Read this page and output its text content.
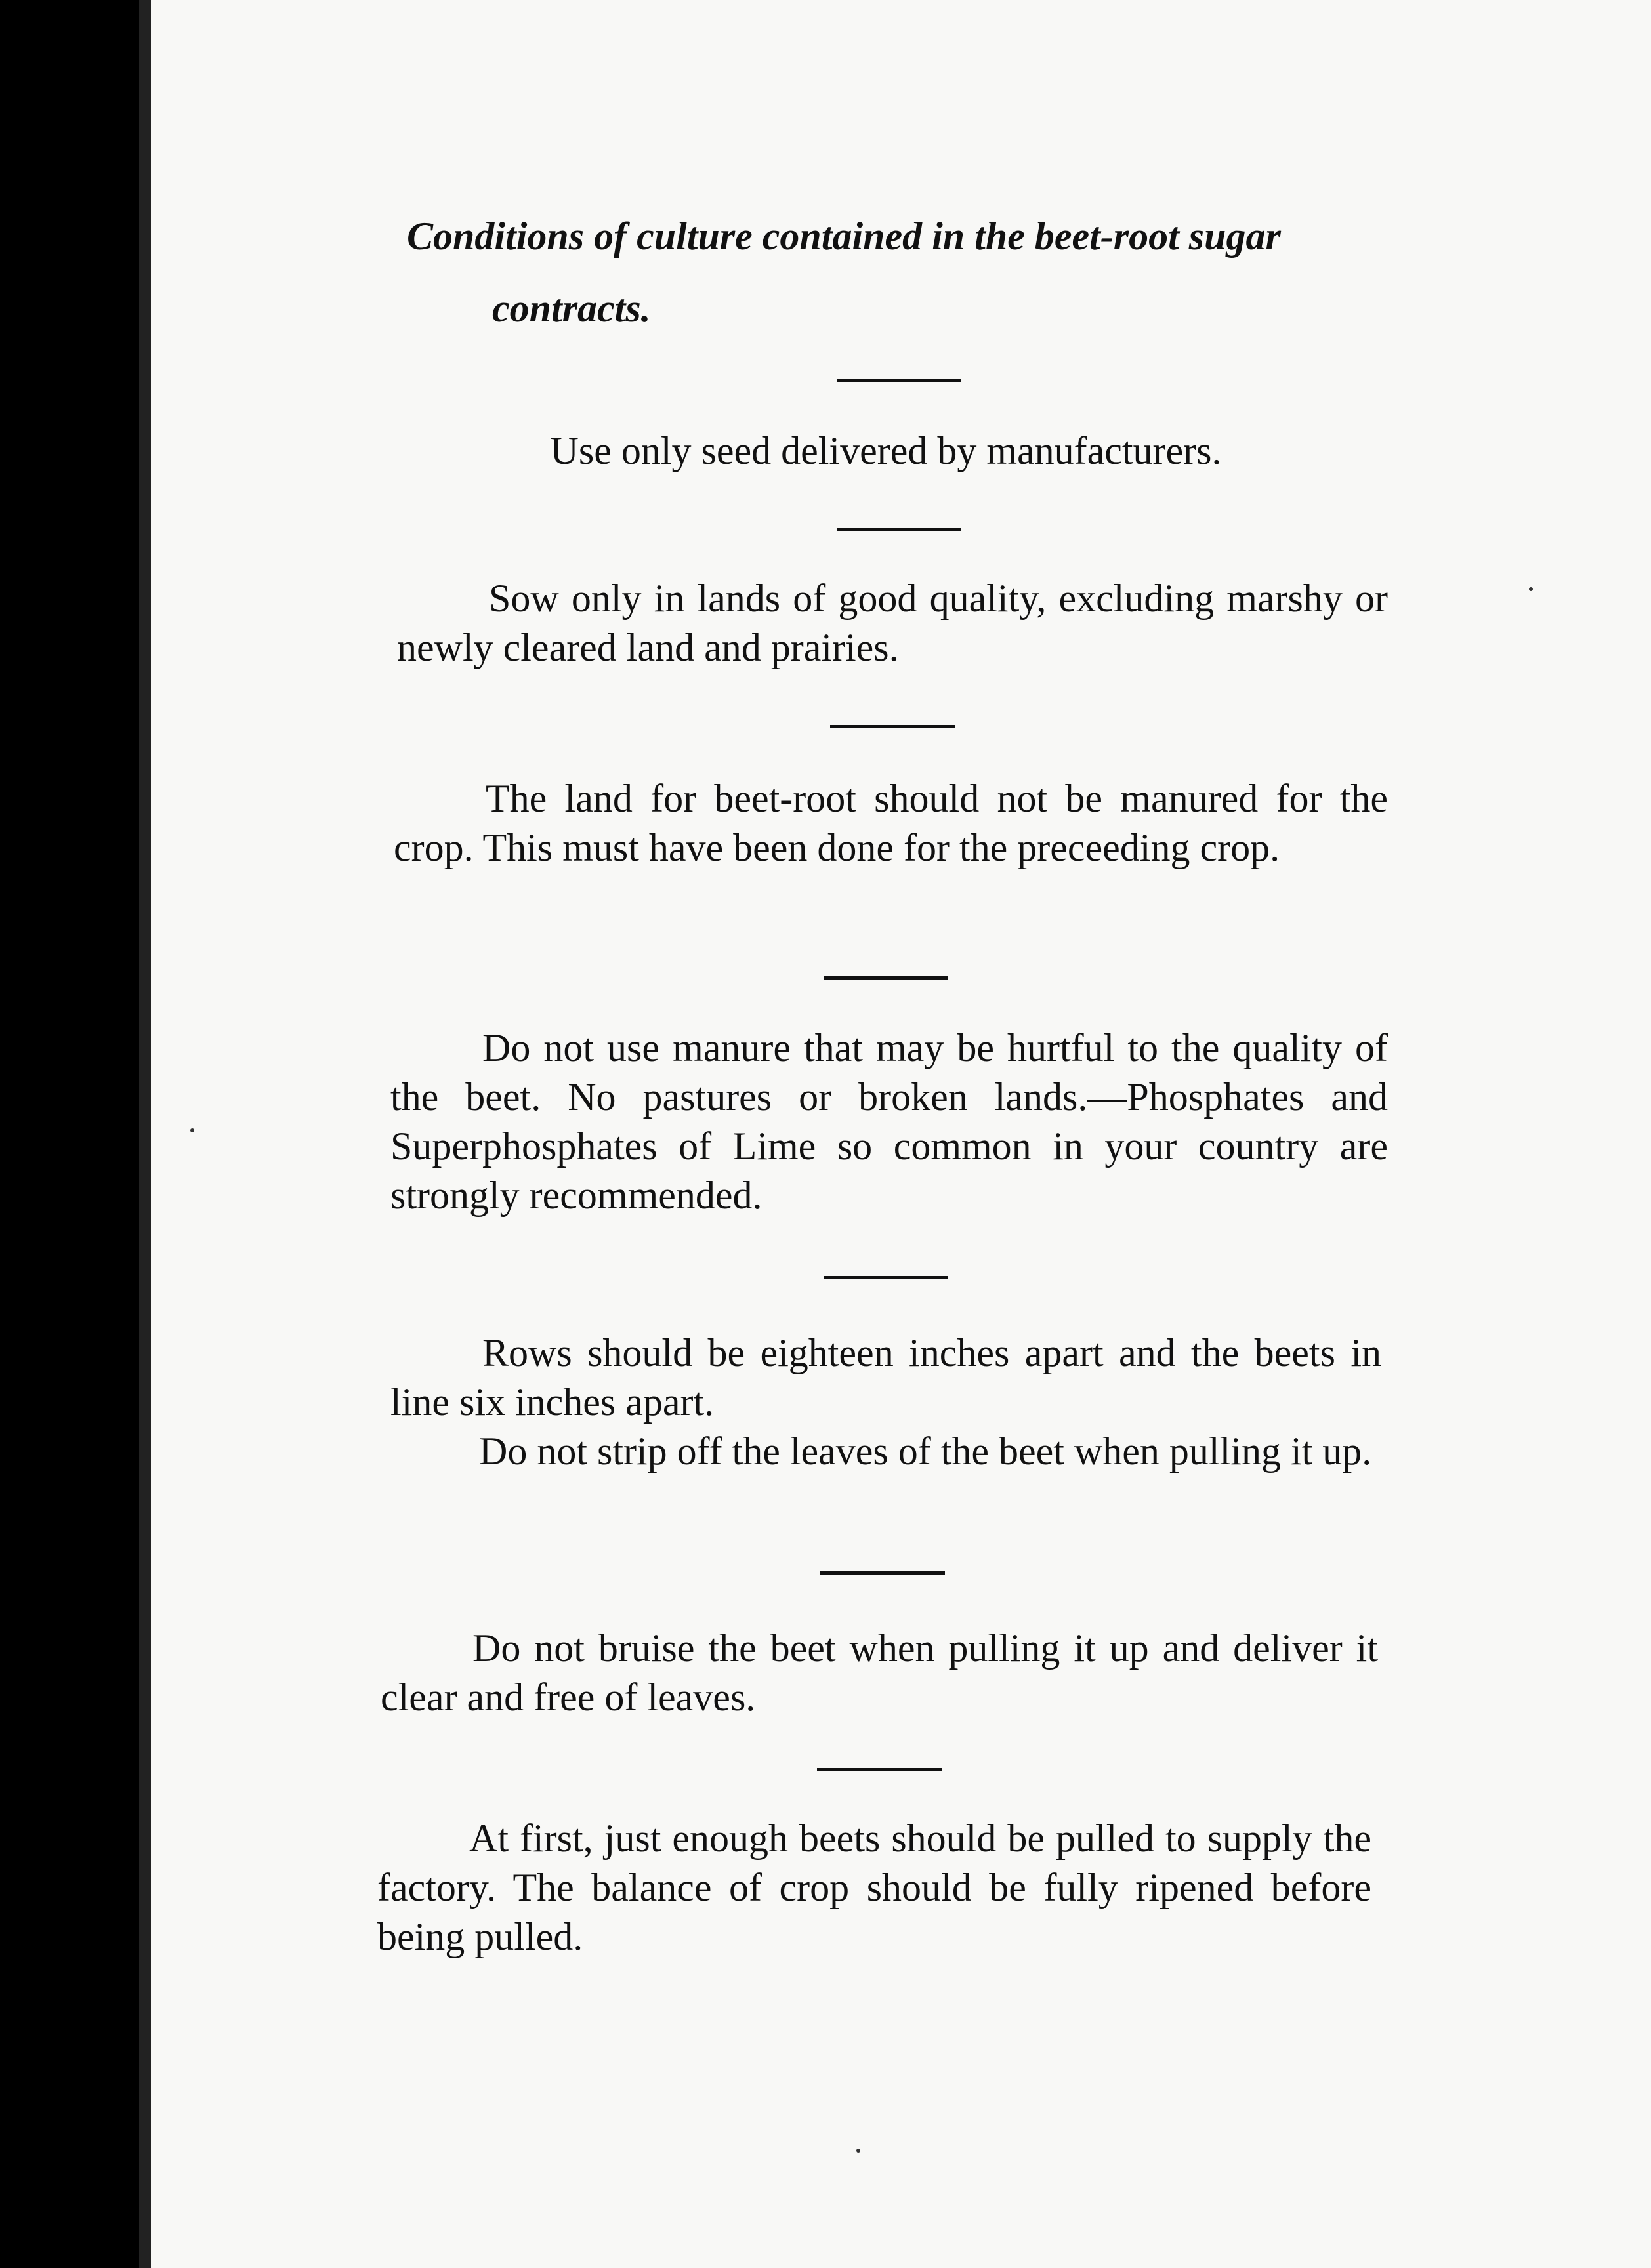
Conditions of culture contained in the beet-root sugar
contracts.

Use only seed delivered by manufacturers.

Sow only in lands of good quality, excluding marshy or newly cleared land and prairies.

The land for beet-root should not be manured for the crop. This must have been done for the preceeding crop.

Do not use manure that may be hurtful to the quality of the beet. No pastures or broken lands.—Phosphates and Superphosphates of Lime so common in your country are strongly recommended.

Rows should be eighteen inches apart and the beets in line six inches apart.

Do not strip off the leaves of the beet when pulling it up.

Do not bruise the beet when pulling it up and deliver it clear and free of leaves.

At first, just enough beets should be pulled to supply the factory. The balance of crop should be fully ripened before being pulled.
